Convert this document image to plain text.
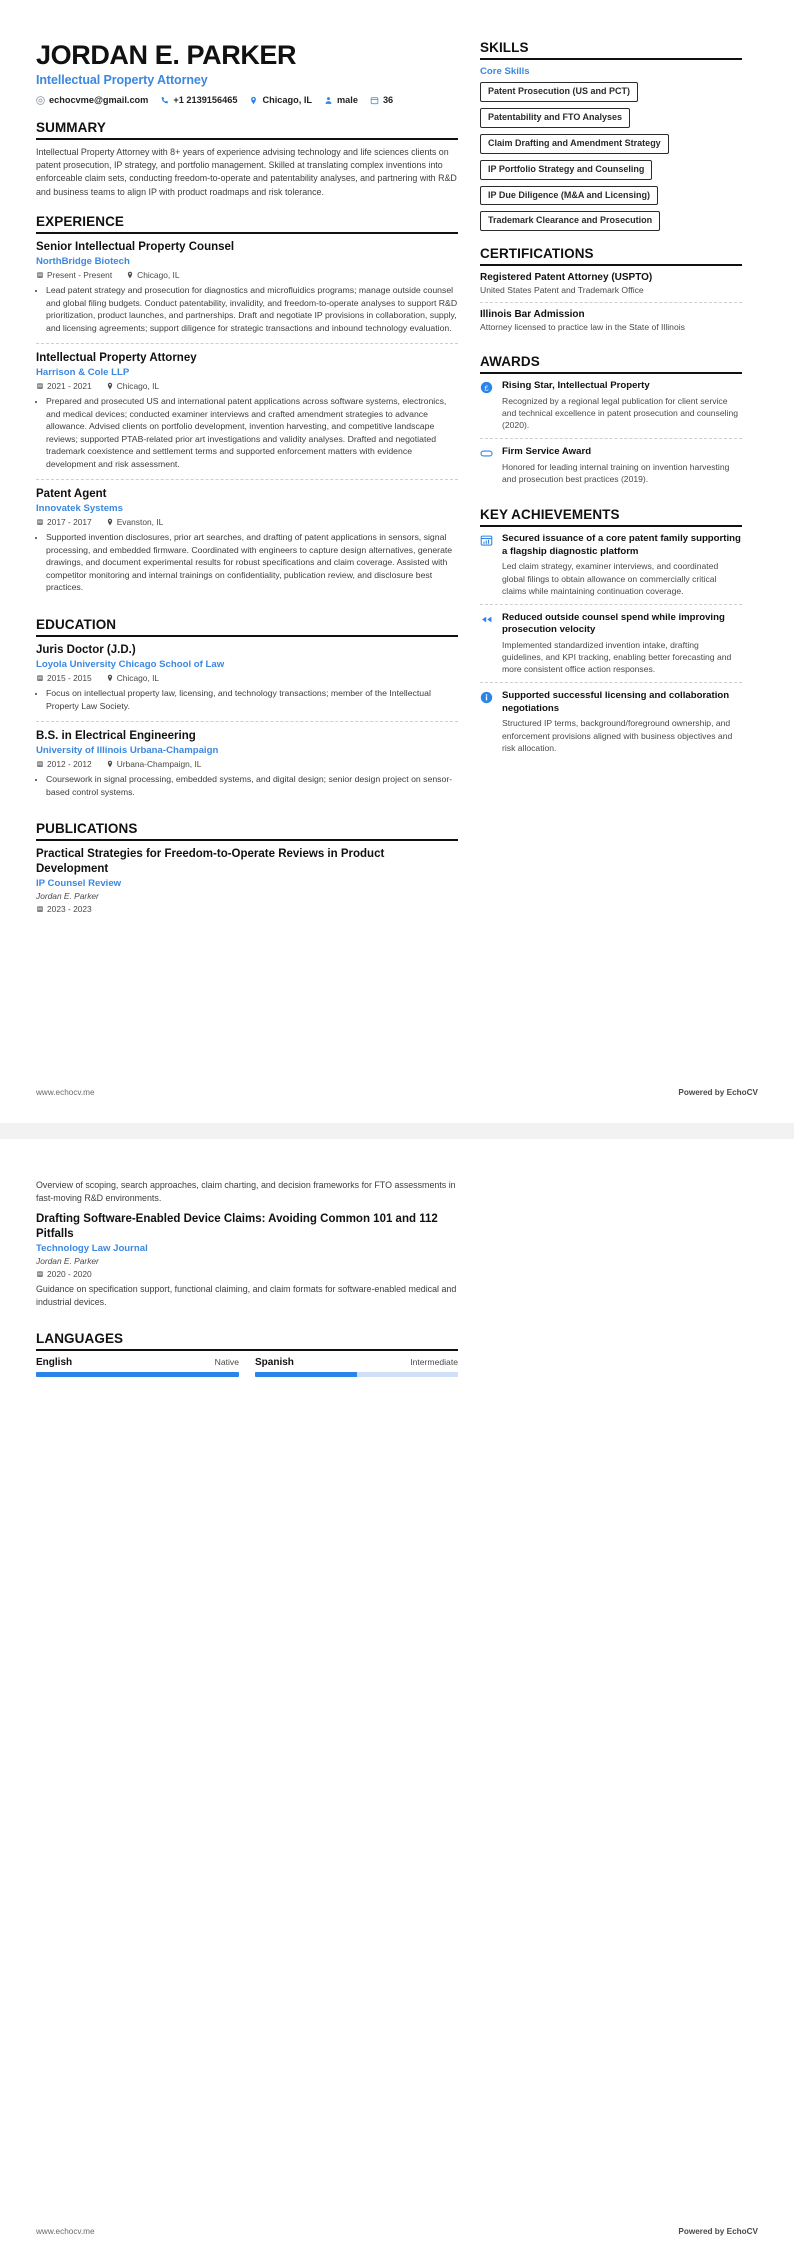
JORDAN E. PARKER
Intellectual Property Attorney
echocvme@gmail.com	+1 2139156465	Chicago, IL	male	36
SUMMARY
Intellectual Property Attorney with 8+ years of experience advising technology and life sciences clients on patent prosecution, IP strategy, and portfolio management. Skilled at translating complex inventions into enforceable claim sets, conducting freedom-to-operate and patentability analyses, and partnering with R&D and business teams to align IP with product roadmaps and risk tolerance.
EXPERIENCE
Senior Intellectual Property Counsel
NorthBridge Biotech
Present - Present	Chicago, IL
• Lead patent strategy and prosecution for diagnostics and microfluidics programs; manage outside counsel and global filing budgets. Conduct patentability, invalidity, and freedom-to-operate analyses to support R&D prioritization, product launches, and partnerships. Draft and negotiate IP provisions in collaboration, supply, and licensing agreements; support diligence for strategic transactions and inbound technology evaluation.
Intellectual Property Attorney
Harrison & Cole LLP
2021 - 2021	Chicago, IL
• Prepared and prosecuted US and international patent applications across software systems, electronics, and medical devices; conducted examiner interviews and crafted amendment strategies to advance allowance. Advised clients on portfolio development, invention harvesting, and competitive landscape reviews; supported PTAB-related prior art investigations and validity analyses. Drafted and negotiated trademark coexistence and settlement terms and supported enforcement matters with evidence development and risk assessment.
Patent Agent
Innovatek Systems
2017 - 2017	Evanston, IL
• Supported invention disclosures, prior art searches, and drafting of patent applications in sensors, signal processing, and embedded firmware. Coordinated with engineers to capture design alternatives, generate drawings, and document experimental results for robust specifications and claim coverage. Assisted with competitor monitoring and internal trainings on confidentiality, publication review, and disclosure best practices.
EDUCATION
Juris Doctor (J.D.)
Loyola University Chicago School of Law
2015 - 2015	Chicago, IL
• Focus on intellectual property law, licensing, and technology transactions; member of the Intellectual Property Law Society.
B.S. in Electrical Engineering
University of Illinois Urbana-Champaign
2012 - 2012	Urbana-Champaign, IL
• Coursework in signal processing, embedded systems, and digital design; senior design project on sensor-based control systems.
PUBLICATIONS
Practical Strategies for Freedom-to-Operate Reviews in Product Development
IP Counsel Review
Jordan E. Parker
2023 - 2023
SKILLS
Core Skills
Patent Prosecution (US and PCT)
Patentability and FTO Analyses
Claim Drafting and Amendment Strategy
IP Portfolio Strategy and Counseling
IP Due Diligence (M&A and Licensing)
Trademark Clearance and Prosecution
CERTIFICATIONS
Registered Patent Attorney (USPTO)
United States Patent and Trademark Office
Illinois Bar Admission
Attorney licensed to practice law in the State of Illinois
AWARDS
£ Rising Star, Intellectual Property
Recognized by a regional legal publication for client service and technical excellence in patent prosecution and counseling (2020).
Firm Service Award
Honored for leading internal training on invention harvesting and prosecution best practices (2019).
KEY ACHIEVEMENTS
Secured issuance of a core patent family supporting a flagship diagnostic platform
Led claim strategy, examiner interviews, and coordinated global filings to obtain allowance on commercially critical claims while maintaining continuation coverage.
Reduced outside counsel spend while improving prosecution velocity
Implemented standardized invention intake, drafting guidelines, and KPI tracking, enabling better forecasting and more consistent office action responses.
Supported successful licensing and collaboration negotiations
Structured IP terms, background/foreground ownership, and enforcement provisions aligned with business objectives and risk allocation.
www.echocv.me	Powered by EchoCV
Overview of scoping, search approaches, claim charting, and decision frameworks for FTO assessments in fast-moving R&D environments.
Drafting Software-Enabled Device Claims: Avoiding Common 101 and 112 Pitfalls
Technology Law Journal
Jordan E. Parker
2020 - 2020
Guidance on specification support, functional claiming, and claim formats for software-enabled medical and industrial devices.
LANGUAGES
English	Native Spanish	Intermediate
www.echocv.me	Powered by EchoCV
